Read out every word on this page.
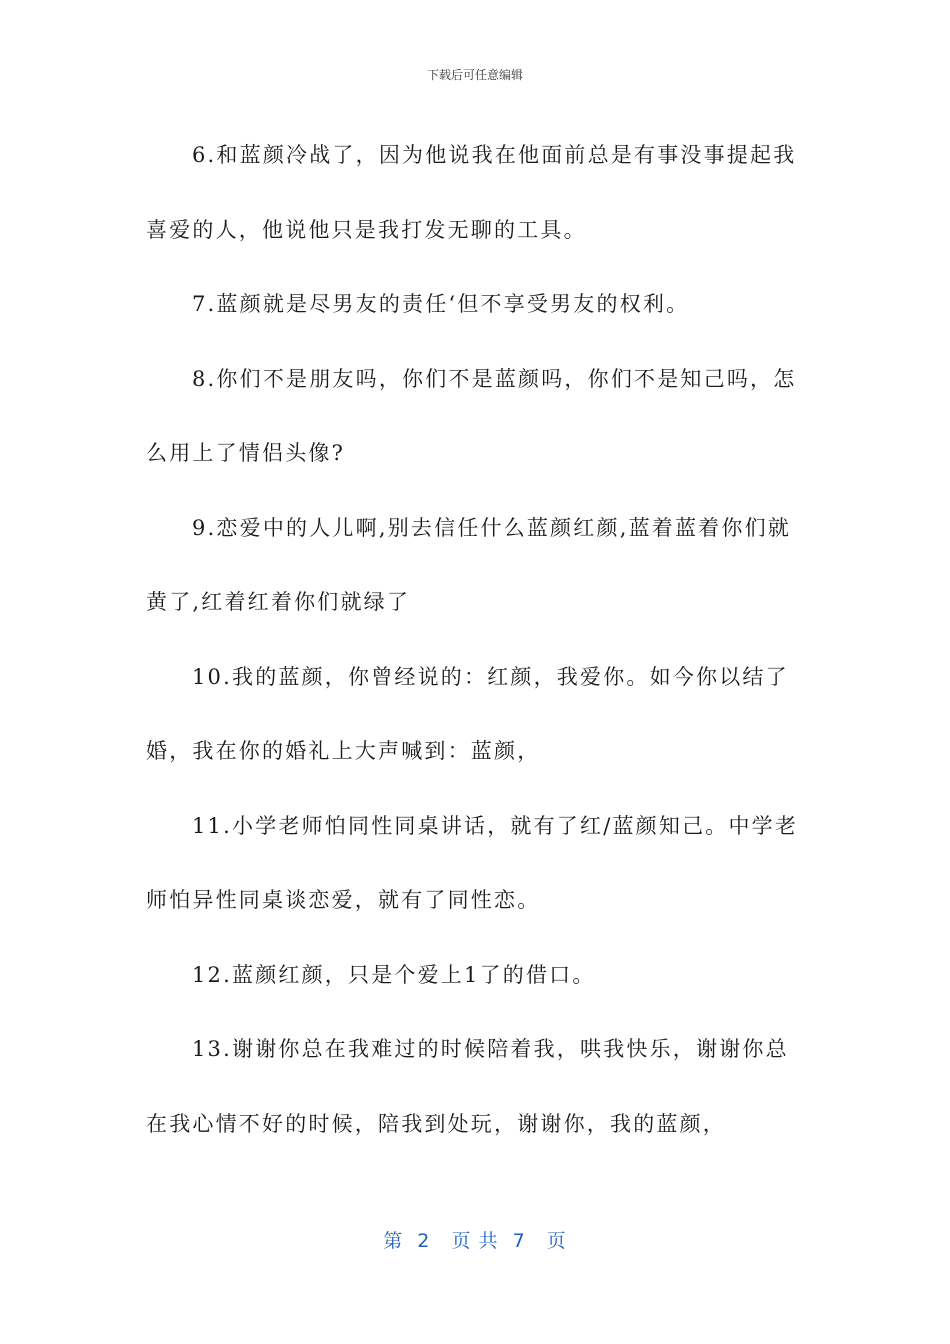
下载后可任意编辑

6.和蓝颜冷战了，因为他说我在他面前总是有事没事提起我喜爱的人，他说他只是我打发无聊的工具。

7.蓝颜就是尽男友的责任‘但不享受男友的权利。

8.你们不是朋友吗，你们不是蓝颜吗，你们不是知己吗，怎么用上了情侣头像?

9.恋爱中的人儿啊,别去信任什么蓝颜红颜,蓝着蓝着你们就黄了,红着红着你们就绿了

10.我的蓝颜，你曾经说的：红颜，我爱你。如今你以结了婚，我在你的婚礼上大声喊到：蓝颜，

11.小学老师怕同性同桌讲话，就有了红/蓝颜知己。中学老师怕异性同桌谈恋爱，就有了同性恋。

12.蓝颜红颜，只是个爱上1了的借口。

13.谢谢你总在我难过的时候陪着我，哄我快乐，谢谢你总在我心情不好的时候，陪我到处玩，谢谢你，我的蓝颜，

第  2   页 共  7   页
